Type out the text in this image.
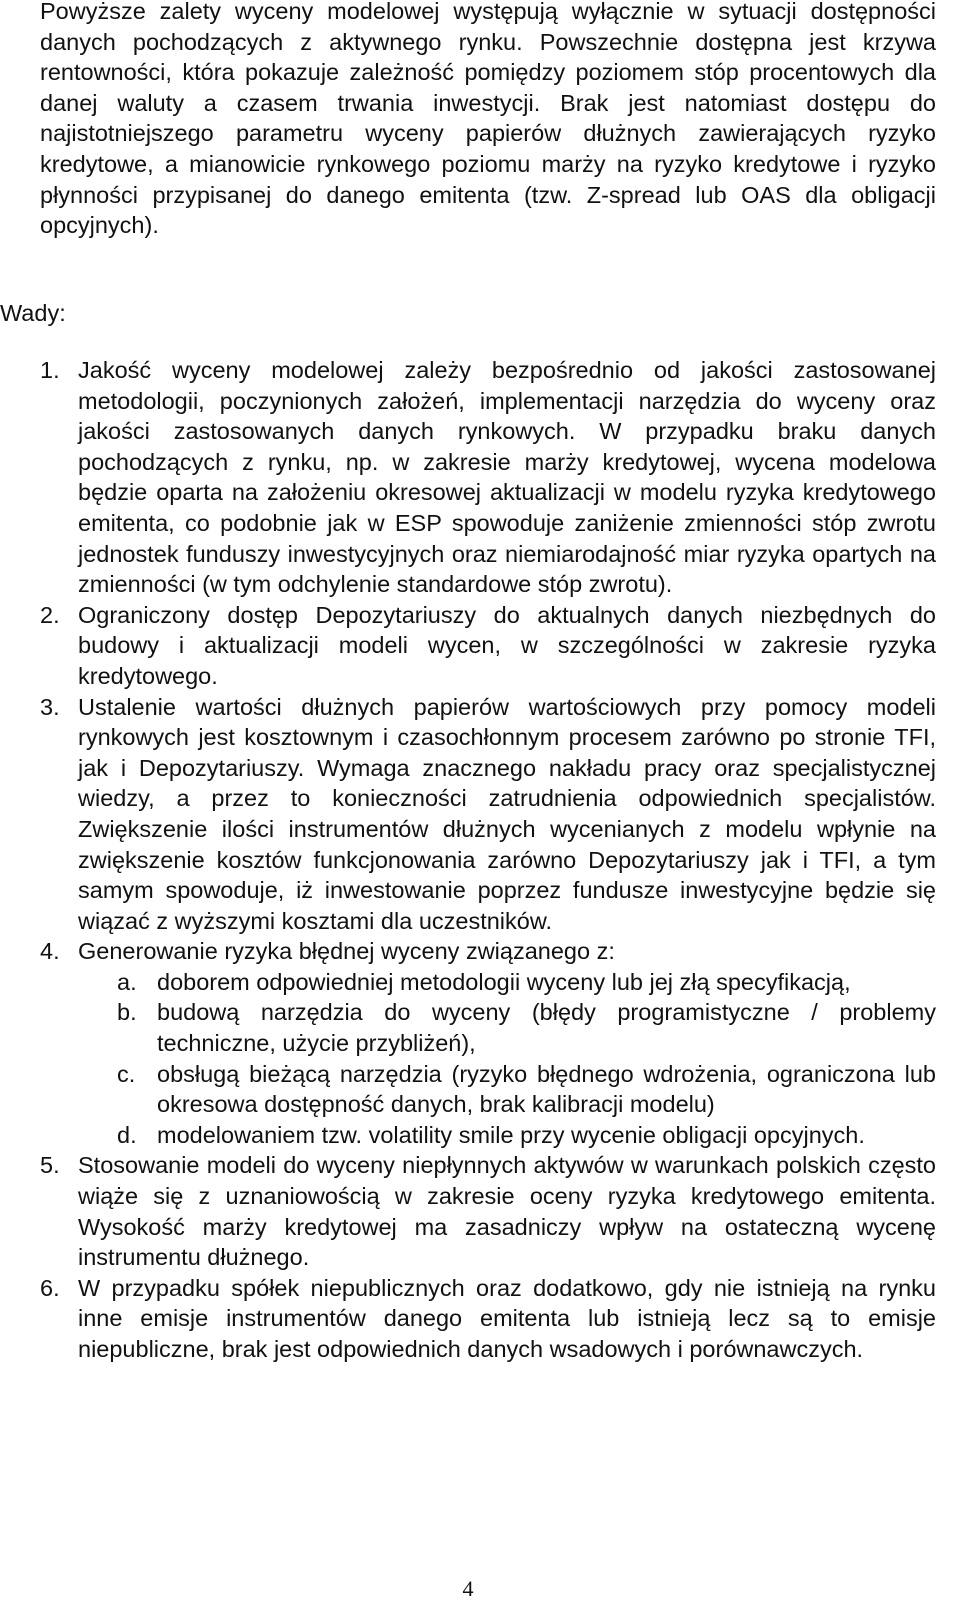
Powyższe zalety wyceny modelowej występują wyłącznie w sytuacji dostępności danych pochodzących z aktywnego rynku. Powszechnie dostępna jest krzywa rentowności, która pokazuje zależność pomiędzy poziomem stóp procentowych dla danej waluty a czasem trwania inwestycji. Brak jest natomiast dostępu do najistotniejszego parametru wyceny papierów dłużnych zawierających ryzyko kredytowe, a mianowicie rynkowego poziomu marży na ryzyko kredytowe i ryzyko płynności przypisanej do danego emitenta (tzw. Z-spread lub OAS dla obligacji opcyjnych).

Wady:

1. Jakość wyceny modelowej zależy bezpośrednio od jakości zastosowanej metodologii, poczynionych założeń, implementacji narzędzia do wyceny oraz jakości zastosowanych danych rynkowych. W przypadku braku danych pochodzących z rynku, np. w zakresie marży kredytowej, wycena modelowa będzie oparta na założeniu okresowej aktualizacji w modelu ryzyka kredytowego emitenta, co podobnie jak w ESP spowoduje zaniżenie zmienności stóp zwrotu jednostek funduszy inwestycyjnych oraz niemiarodajność miar ryzyka opartych na zmienności (w tym odchylenie standardowe stóp zwrotu).
2. Ograniczony dostęp Depozytariuszy do aktualnych danych niezbędnych do budowy i aktualizacji modeli wycen, w szczególności w zakresie ryzyka kredytowego.
3. Ustalenie wartości dłużnych papierów wartościowych przy pomocy modeli rynkowych jest kosztownym i czasochłonnym procesem zarówno po stronie TFI, jak i Depozytariuszy. Wymaga znacznego nakładu pracy oraz specjalistycznej wiedzy, a przez to konieczności zatrudnienia odpowiednich specjalistów. Zwiększenie ilości instrumentów dłużnych wycenianych z modelu wpłynie na zwiększenie kosztów funkcjonowania zarówno Depozytariuszy jak i TFI, a tym samym spowoduje, iż inwestowanie poprzez fundusze inwestycyjne będzie się wiązać z wyższymi kosztami dla uczestników.
4. Generowanie ryzyka błędnej wyceny związanego z:
a. doborem odpowiedniej metodologii wyceny lub jej złą specyfikacją,
b. budową narzędzia do wyceny (błędy programistyczne / problemy techniczne, użycie przybliżeń),
c. obsługą bieżącą narzędzia (ryzyko błędnego wdrożenia, ograniczona lub okresowa dostępność danych, brak kalibracji modelu)
d. modelowaniem tzw. volatility smile przy wycenie obligacji opcyjnych.
5. Stosowanie modeli do wyceny niepłynnych aktywów w warunkach polskich często wiąże się z uznaniowością w zakresie oceny ryzyka kredytowego emitenta. Wysokość marży kredytowej ma zasadniczy wpływ na ostateczną wycenę instrumentu dłużnego.
6. W przypadku spółek niepublicznych oraz dodatkowo, gdy nie istnieją na rynku inne emisje instrumentów danego emitenta lub istnieją lecz są to emisje niepubliczne, brak jest odpowiednich danych wsadowych i porównawczych.
4
